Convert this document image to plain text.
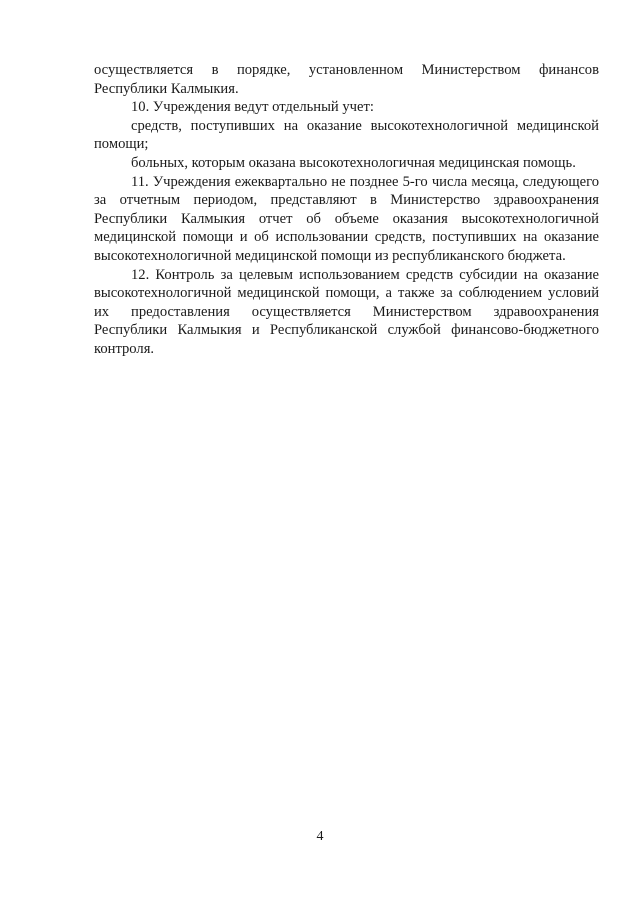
осуществляется в порядке, установленном Министерством финансов Республики Калмыкия.

10. Учреждения ведут отдельный учет:

средств, поступивших на оказание высокотехнологичной медицинской помощи;

больных, которым оказана высокотехнологичная медицинская помощь.

11. Учреждения ежеквартально не позднее 5-го числа месяца, следующего за отчетным периодом, представляют в Министерство здравоохранения Республики Калмыкия отчет об объеме оказания высокотехнологичной медицинской помощи и об использовании средств, поступивших на оказание высокотехнологичной медицинской помощи из республиканского бюджета.

12. Контроль за целевым использованием средств субсидии на оказание высокотехнологичной медицинской помощи, а также за соблюдением условий их предоставления осуществляется Министерством здравоохранения Республики Калмыкия и Республиканской службой финансово-бюджетного контроля.

4
